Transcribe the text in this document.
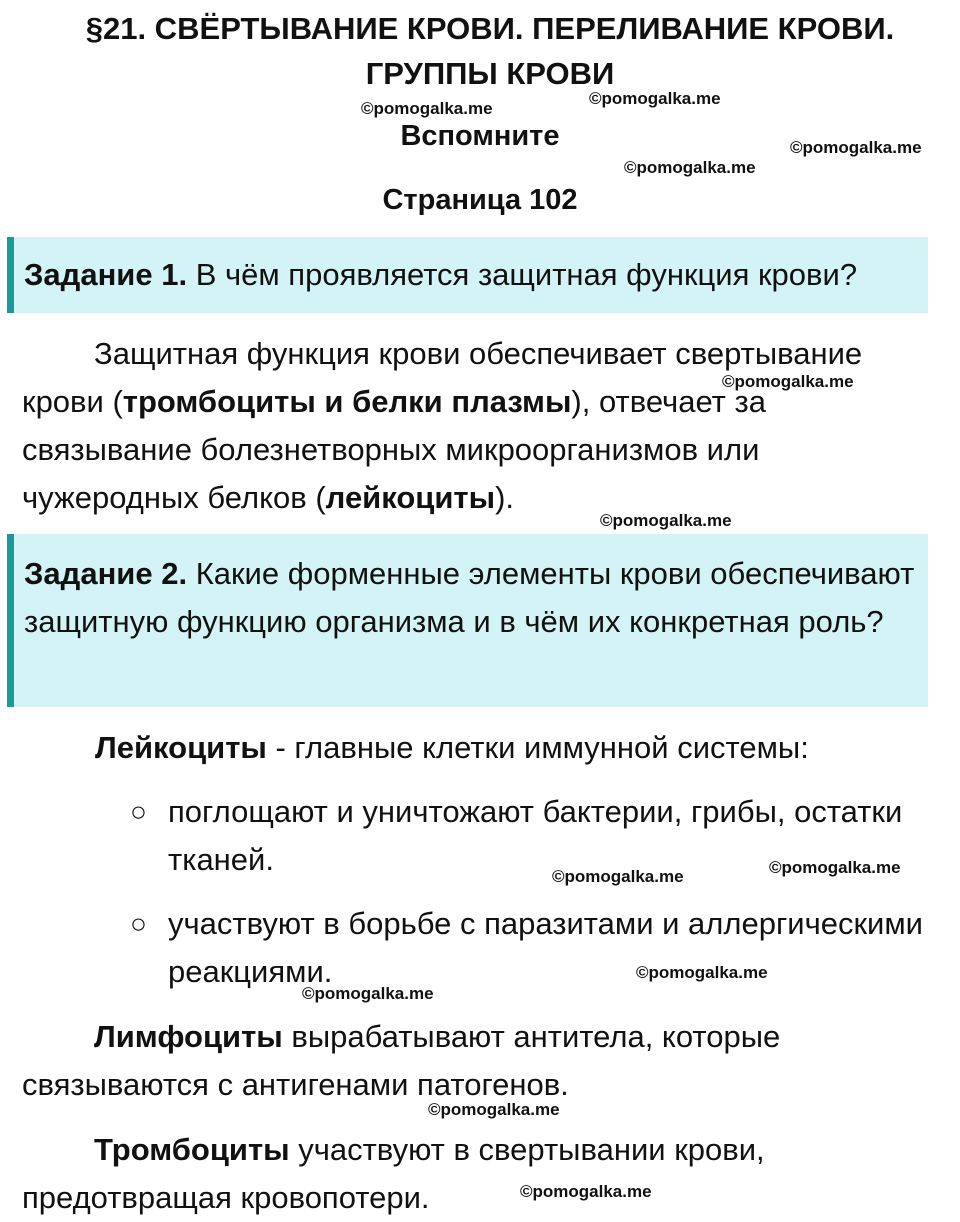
§21. СВЁРТЫВАНИЕ КРОВИ. ПЕРЕЛИВАНИЕ КРОВИ. ГРУППЫ КРОВИ
Вспомните
Страница 102
Задание 1. В чём проявляется защитная функция крови?
Защитная функция крови обеспечивает свертывание крови (тромбоциты и белки плазмы), отвечает за связывание болезнетворных микроорганизмов или чужеродных белков (лейкоциты).
Задание 2. Какие форменные элементы крови обеспечивают защитную функцию организма и в чём их конкретная роль?
Лейкоциты - главные клетки иммунной системы:
○ поглощают и уничтожают бактерии, грибы, остатки тканей.
○ участвуют в борьбе с паразитами и аллергическими реакциями.
Лимфоциты вырабатывают антитела, которые связываются с антигенами патогенов.
Тромбоциты участвуют в свертывании крови, предотвращая кровопотери.
©pomogalka.me
©pomogalka.me
©pomogalka.me
©pomogalka.me
©pomogalka.me
©pomogalka.me
©pomogalka.me	©pomogalka.me
©pomogalka.me
©pomogalka.me
©pomogalka.me
©pomogalka.me
